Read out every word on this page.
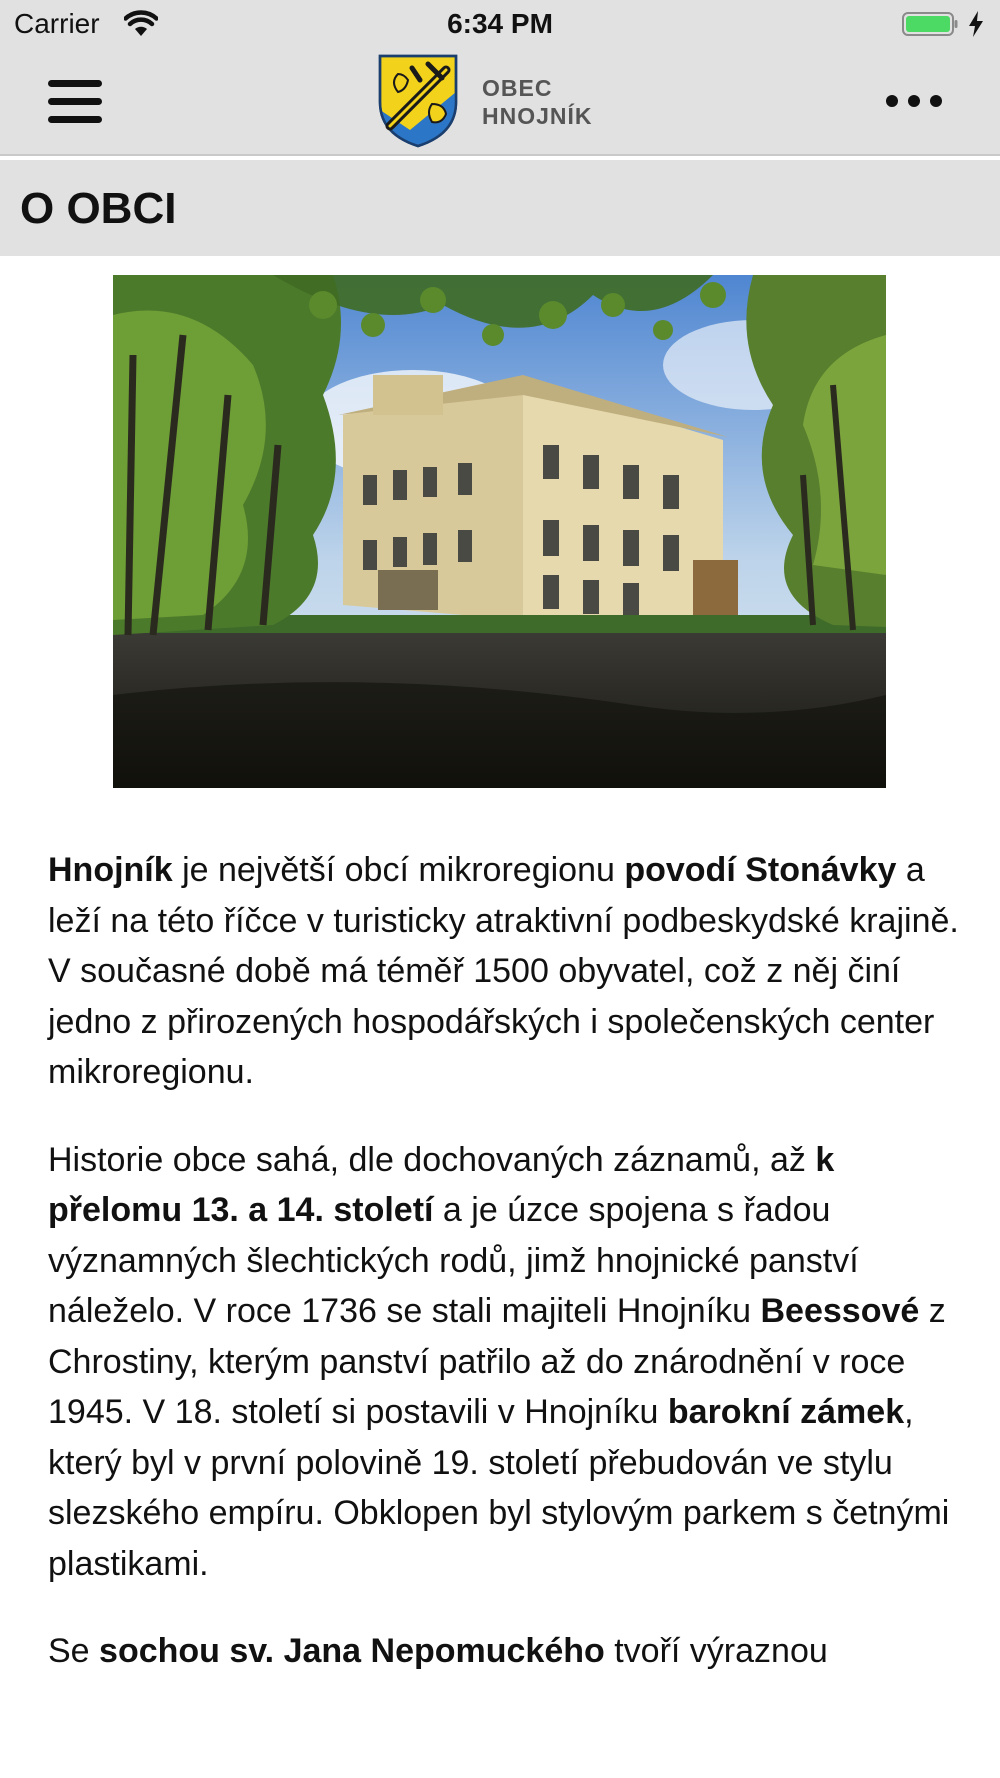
Carrier	6:34 PM
OBEC
HNOJNÍK
O OBCI

Hnojník je největší obcí mikroregionu povodí Stonávky a leží na této říčce v turisticky atraktivní podbeskydské krajině. V současné době má téměř 1500 obyvatel, což z něj činí jedno z přirozených hospodářských i společenských center mikroregionu.

Historie obce sahá, dle dochovaných záznamů, až k přelomu 13. a 14. století a je úzce spojena s řadou významných šlechtických rodů, jimž hnojnické panství náleželo. V roce 1736 se stali majiteli Hnojníku Beessové z Chrostiny, kterým panství patřilo až do znárodnění v roce 1945. V 18. století si postavili v Hnojníku barokní zámek, který byl v první polovině 19. století přebudován ve stylu slezského empíru. Obklopen byl stylovým parkem s četnými plastikami.

Se sochou sv. Jana Nepomuckého tvoří výraznou
